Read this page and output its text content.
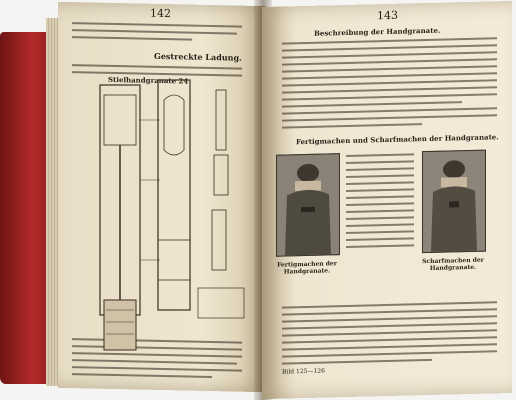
142
Gestreckte Ladung.
Stielhandgranate 24
143
Beschreibung der Handgranate.
Fertigmachen und Scharfmachen der Handgranate.
Fertigmachen der Handgranate.
Scharfmachen der Handgranate.
Bild 125—126
